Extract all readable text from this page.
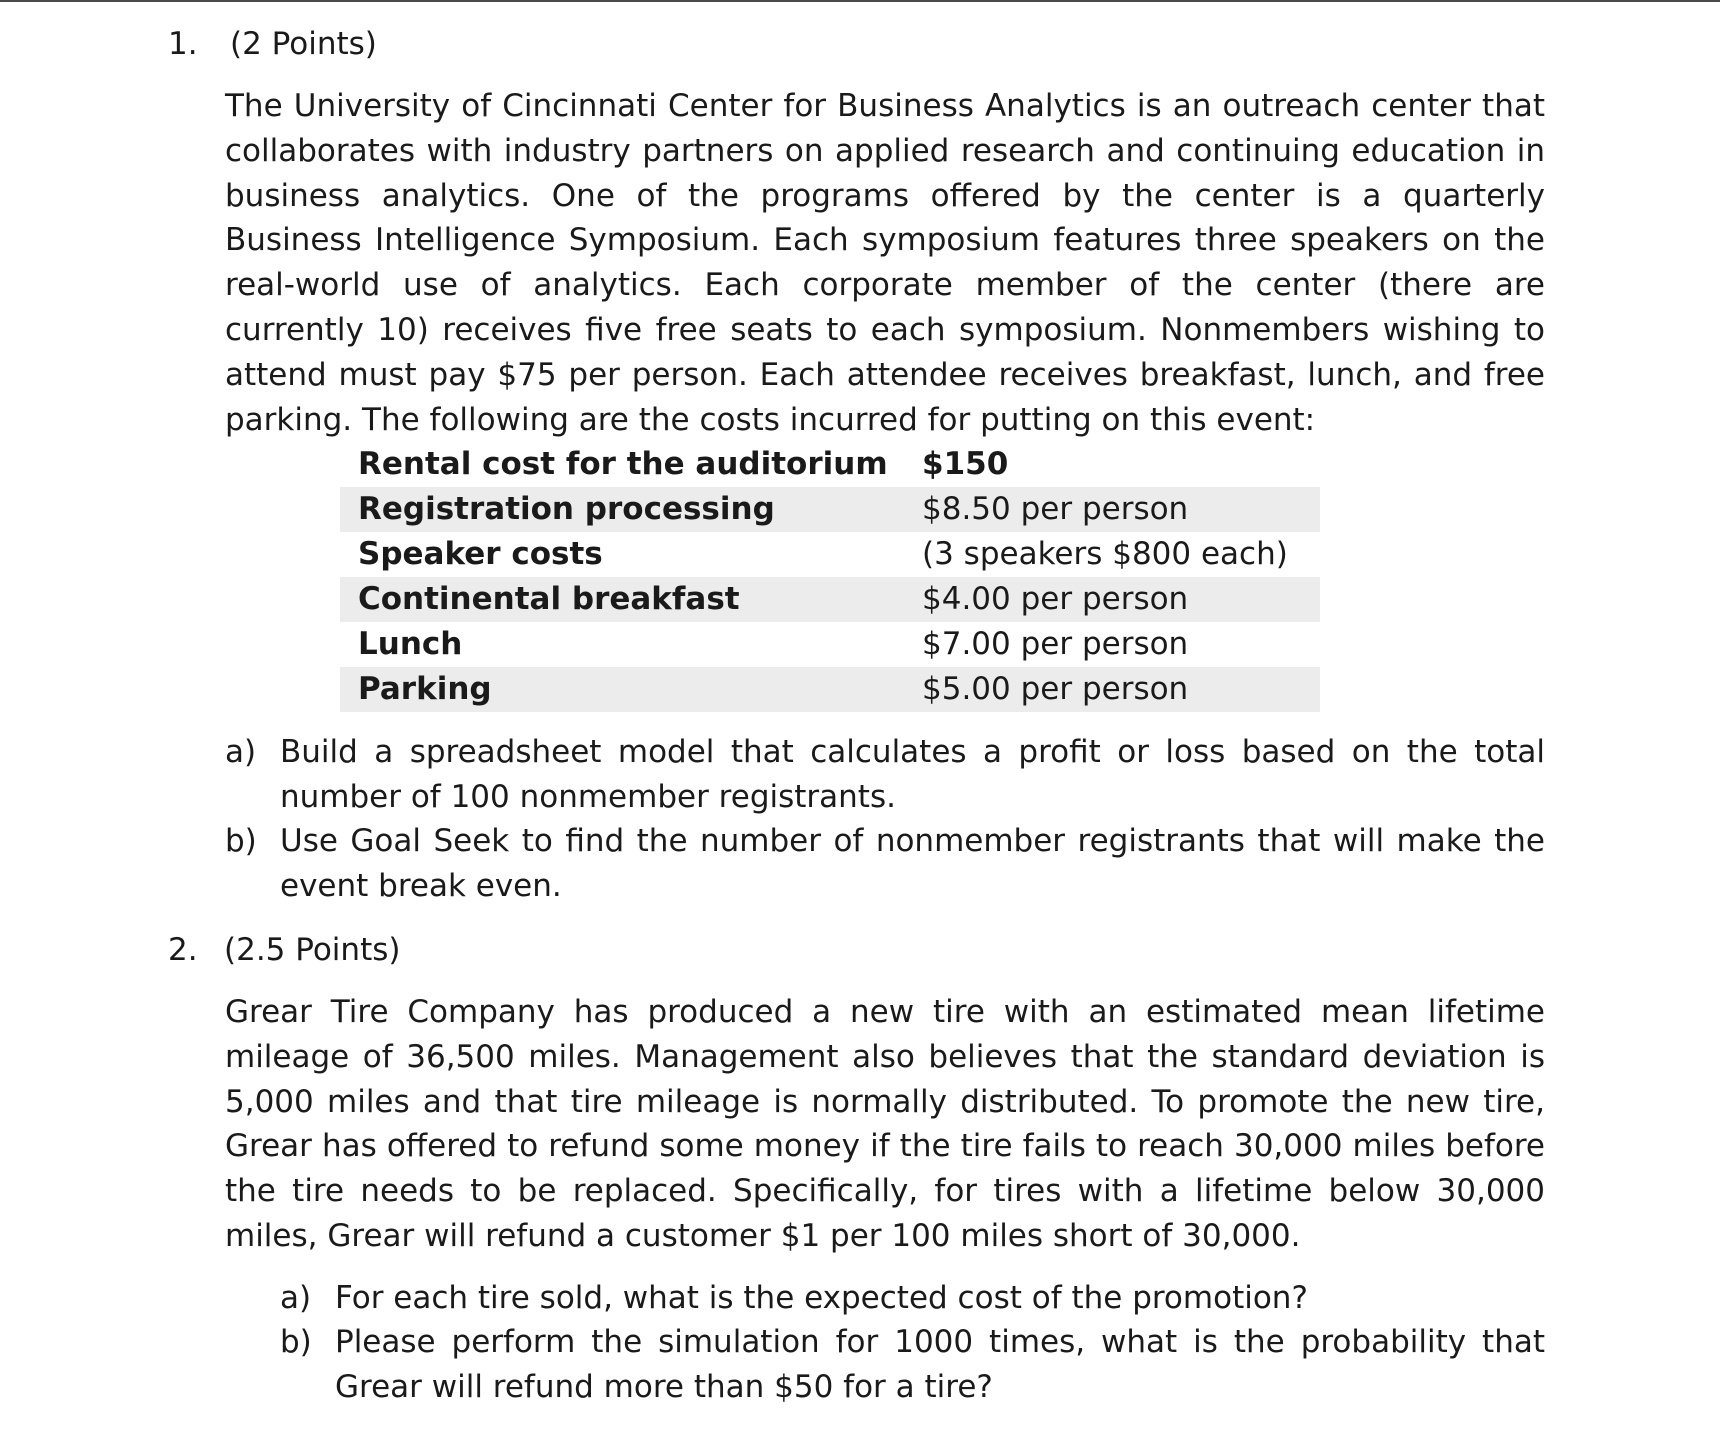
1. (2 Points)

The University of Cincinnati Center for Business Analytics is an outreach center that collaborates with industry partners on applied research and continuing education in business analytics. One of the programs offered by the center is a quarterly Business Intelligence Symposium. Each symposium features three speakers on the real-world use of analytics. Each corporate member of the center (there are currently 10) receives five free seats to each symposium. Nonmembers wishing to attend must pay $75 per person. Each attendee receives breakfast, lunch, and free parking. The following are the costs incurred for putting on this event:

Rental cost for the auditorium $150
Registration processing	$8.50 per person
Speaker costs	(3 speakers $800 each)
Continental breakfast	$4.00 per person
Lunch	$7.00 per person
Parking	$5.00 per person
a) Build a spreadsheet model that calculates a profit or loss based on the total number of 100 nonmember registrants.

b) Use Goal Seek to find the number of nonmember registrants that will make the event break even.

2. (2.5 Points)

Grear Tire Company has produced a new tire with an estimated mean lifetime mileage of 36,500 miles. Management also believes that the standard deviation is 5,000 miles and that tire mileage is normally distributed. To promote the new tire, Grear has offered to refund some money if the tire fails to reach 30,000 miles before the tire needs to be replaced. Specifically, for tires with a lifetime below 30,000 miles, Grear will refund a customer $1 per 100 miles short of 30,000.

a) For each tire sold, what is the expected cost of the promotion?

b) Please perform the simulation for 1000 times, what is the probability that Grear will refund more than $50 for a tire?
